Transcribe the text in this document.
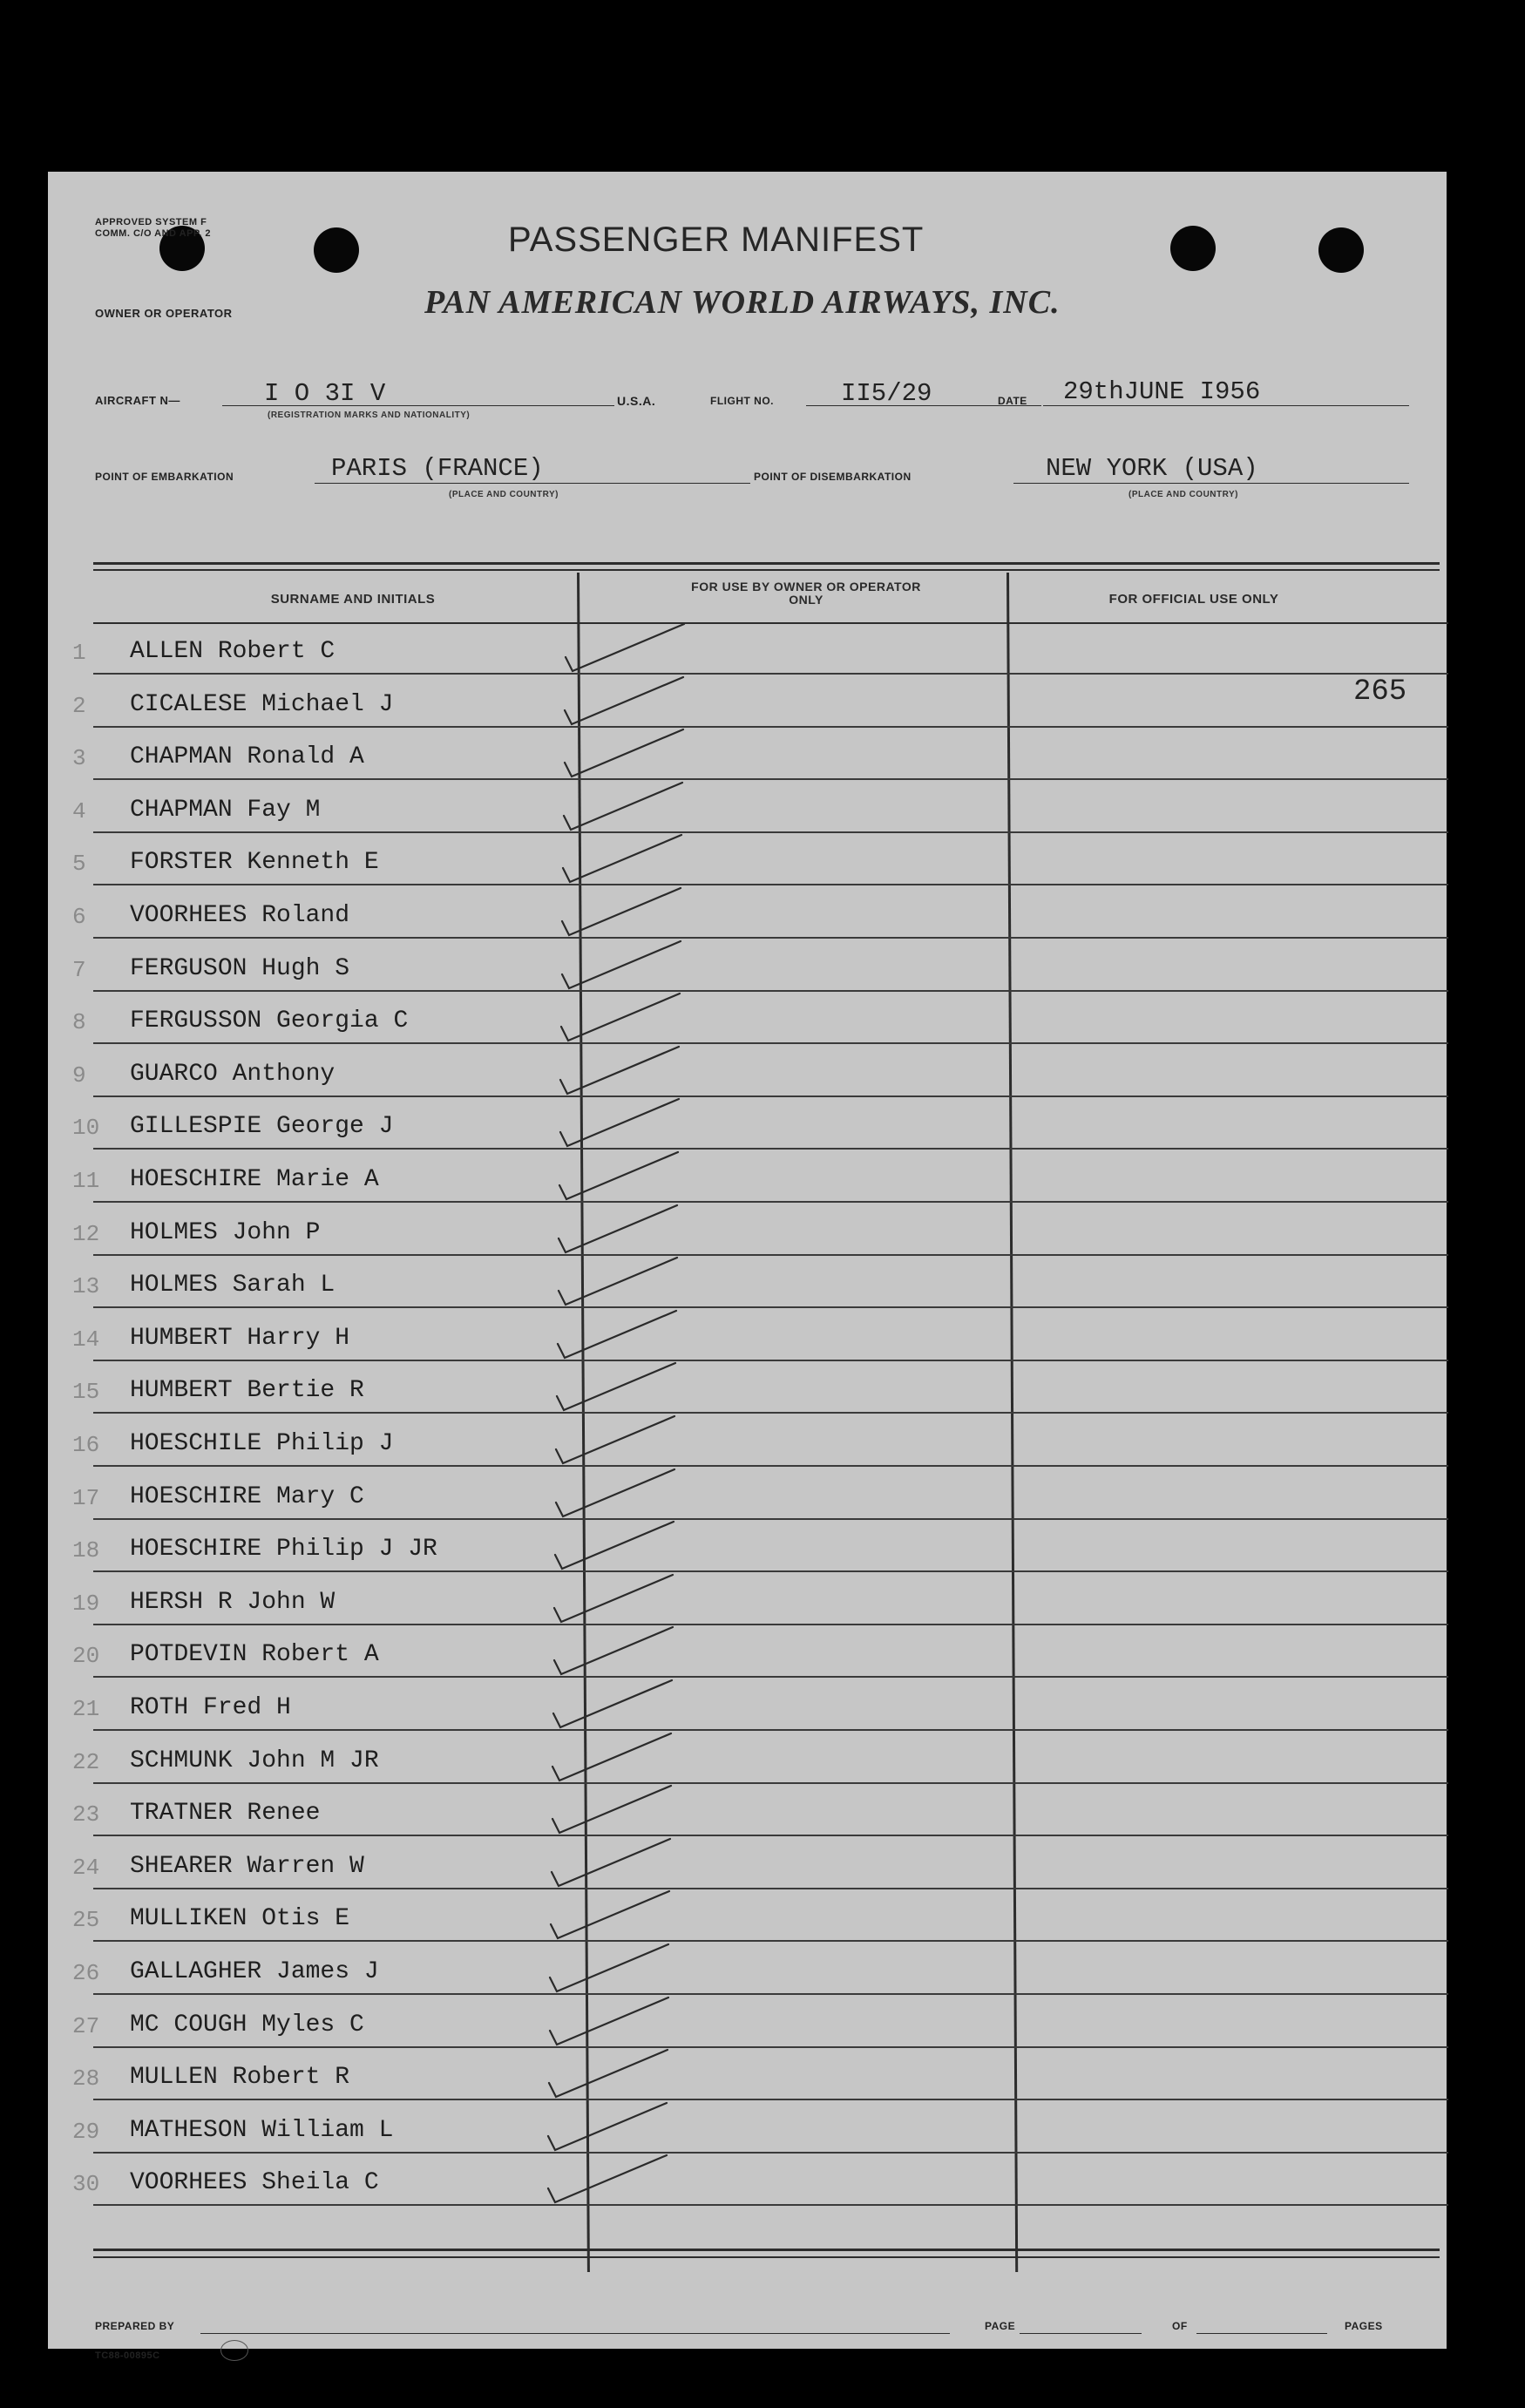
APPROVED SYSTEM F COMM. C/O AND APP. 2	PASSENGER MANIFEST
PAN AMERICAN WORLD AIRWAYS, INC.
OWNER OR OPERATOR
AIRCRAFT N—	I O 3I V
(REGISTRATION MARKS AND NATIONALITY)
U.S.A.	FLIGHT NO.	II5/29	DATE 29thJUNE I956
POINT OF EMBARKATION	PARIS (FRANCE)
(PLACE AND COUNTRY)
POINT OF DISEMBARKATION	NEW YORK (USA)
(PLACE AND COUNTRY)
SURNAME AND INITIALS
FOR USE BY OWNER OR OPERATOR ONLY	FOR OFFICIAL USE ONLY
265
1 ALLEN Robert C
2 CICALESE Michael J
3 CHAPMAN Ronald A
4 CHAPMAN Fay M
5 FORSTER Kenneth E
6 VOORHEES Roland
7 FERGUSON Hugh S
8 FERGUSSON Georgia C
9 GUARCO Anthony
10 GILLESPIE George J
11 HOESCHIRE Marie A
12 HOLMES John P
13 HOLMES Sarah L
14 HUMBERT Harry H
15 HUMBERT Bertie R
16 HOESCHILE Philip J
17 HOESCHIRE Mary C
18 HOESCHIRE Philip J JR
19 HERSH R John W
20 POTDEVIN Robert A
21 ROTH Fred H
22 SCHMUNK John M JR
23 TRATNER Renee
24 SHEARER Warren W
25 MULLIKEN Otis E
26 GALLAGHER James J
27 MC COUGH Myles C
28 MULLEN Robert R
29 MATHESON William L
30 VOORHEES Sheila C
PREPARED BY	PAGE	OF	PAGES
TC88-00895C
